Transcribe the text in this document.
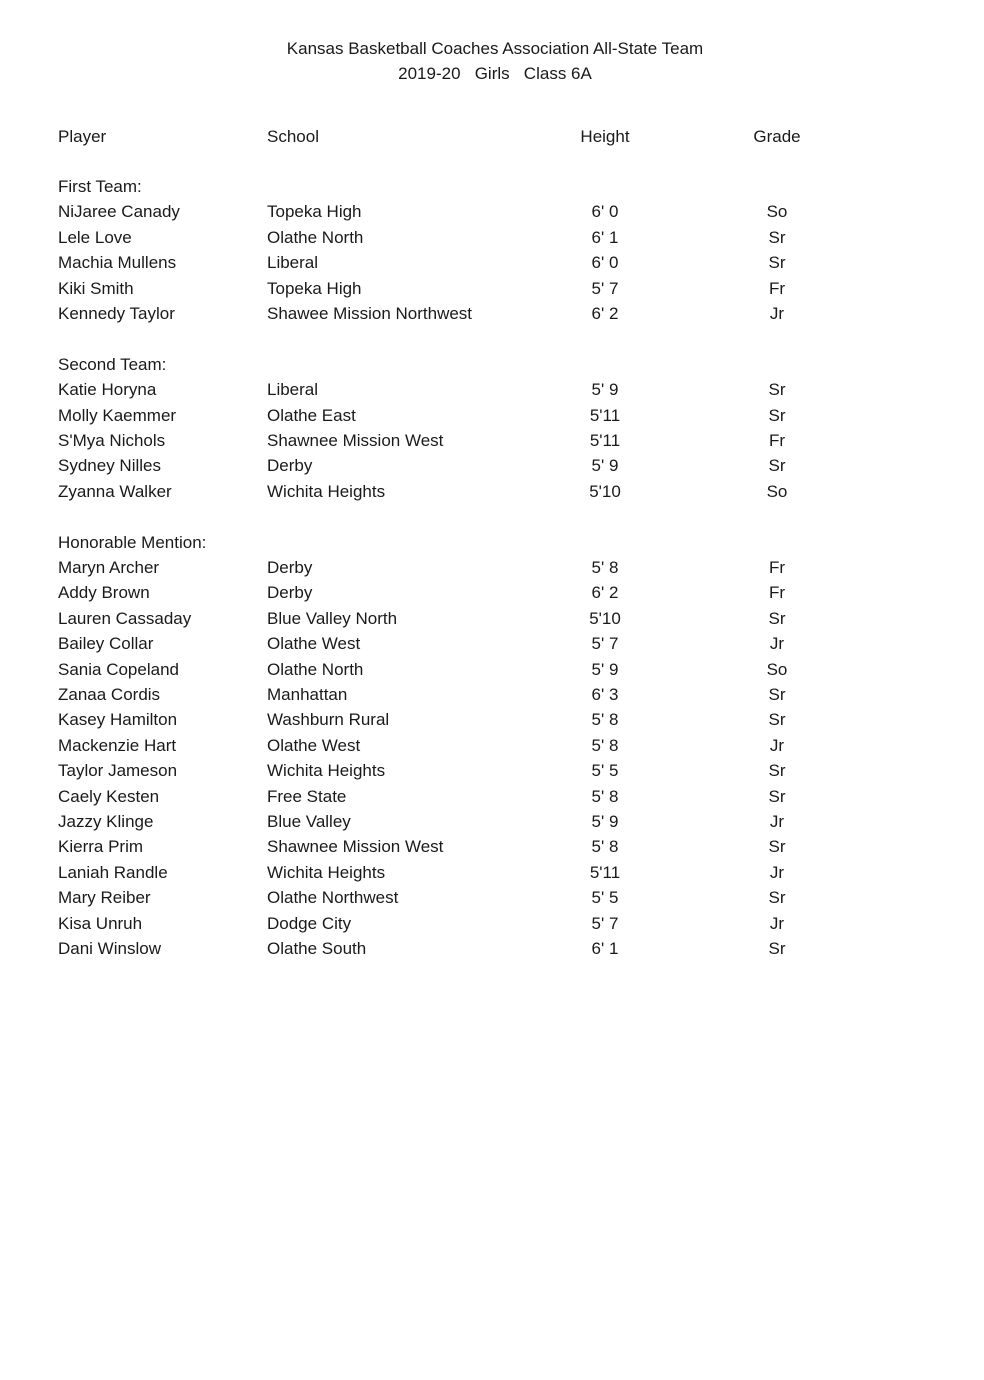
Kansas Basketball Coaches Association All-State Team
2019-20   Girls   Class 6A
Player	School	Height	Grade
First Team:
NiJaree Canady	Topeka High	6' 0	So
Lele Love	Olathe North	6' 1	Sr
Machia Mullens	Liberal	6' 0	Sr
Kiki Smith	Topeka High	5' 7	Fr
Kennedy Taylor	Shawee Mission Northwest	6' 2	Jr
Second Team:
Katie Horyna	Liberal	5' 9	Sr
Molly Kaemmer	Olathe East	5'11	Sr
S'Mya Nichols	Shawnee Mission West	5'11	Fr
Sydney Nilles	Derby	5' 9	Sr
Zyanna Walker	Wichita Heights	5'10	So
Honorable Mention:
Maryn Archer	Derby	5' 8	Fr
Addy Brown	Derby	6' 2	Fr
Lauren Cassaday	Blue Valley North	5'10	Sr
Bailey Collar	Olathe West	5' 7	Jr
Sania Copeland	Olathe North	5' 9	So
Zanaa Cordis	Manhattan	6' 3	Sr
Kasey Hamilton	Washburn Rural	5' 8	Sr
Mackenzie Hart	Olathe West	5' 8	Jr
Taylor Jameson	Wichita Heights	5' 5	Sr
Caely Kesten	Free State	5' 8	Sr
Jazzy Klinge	Blue Valley	5' 9	Jr
Kierra Prim	Shawnee Mission West	5' 8	Sr
Laniah Randle	Wichita Heights	5'11	Jr
Mary Reiber	Olathe Northwest	5' 5	Sr
Kisa Unruh	Dodge City	5' 7	Jr
Dani Winslow	Olathe South	6' 1	Sr
